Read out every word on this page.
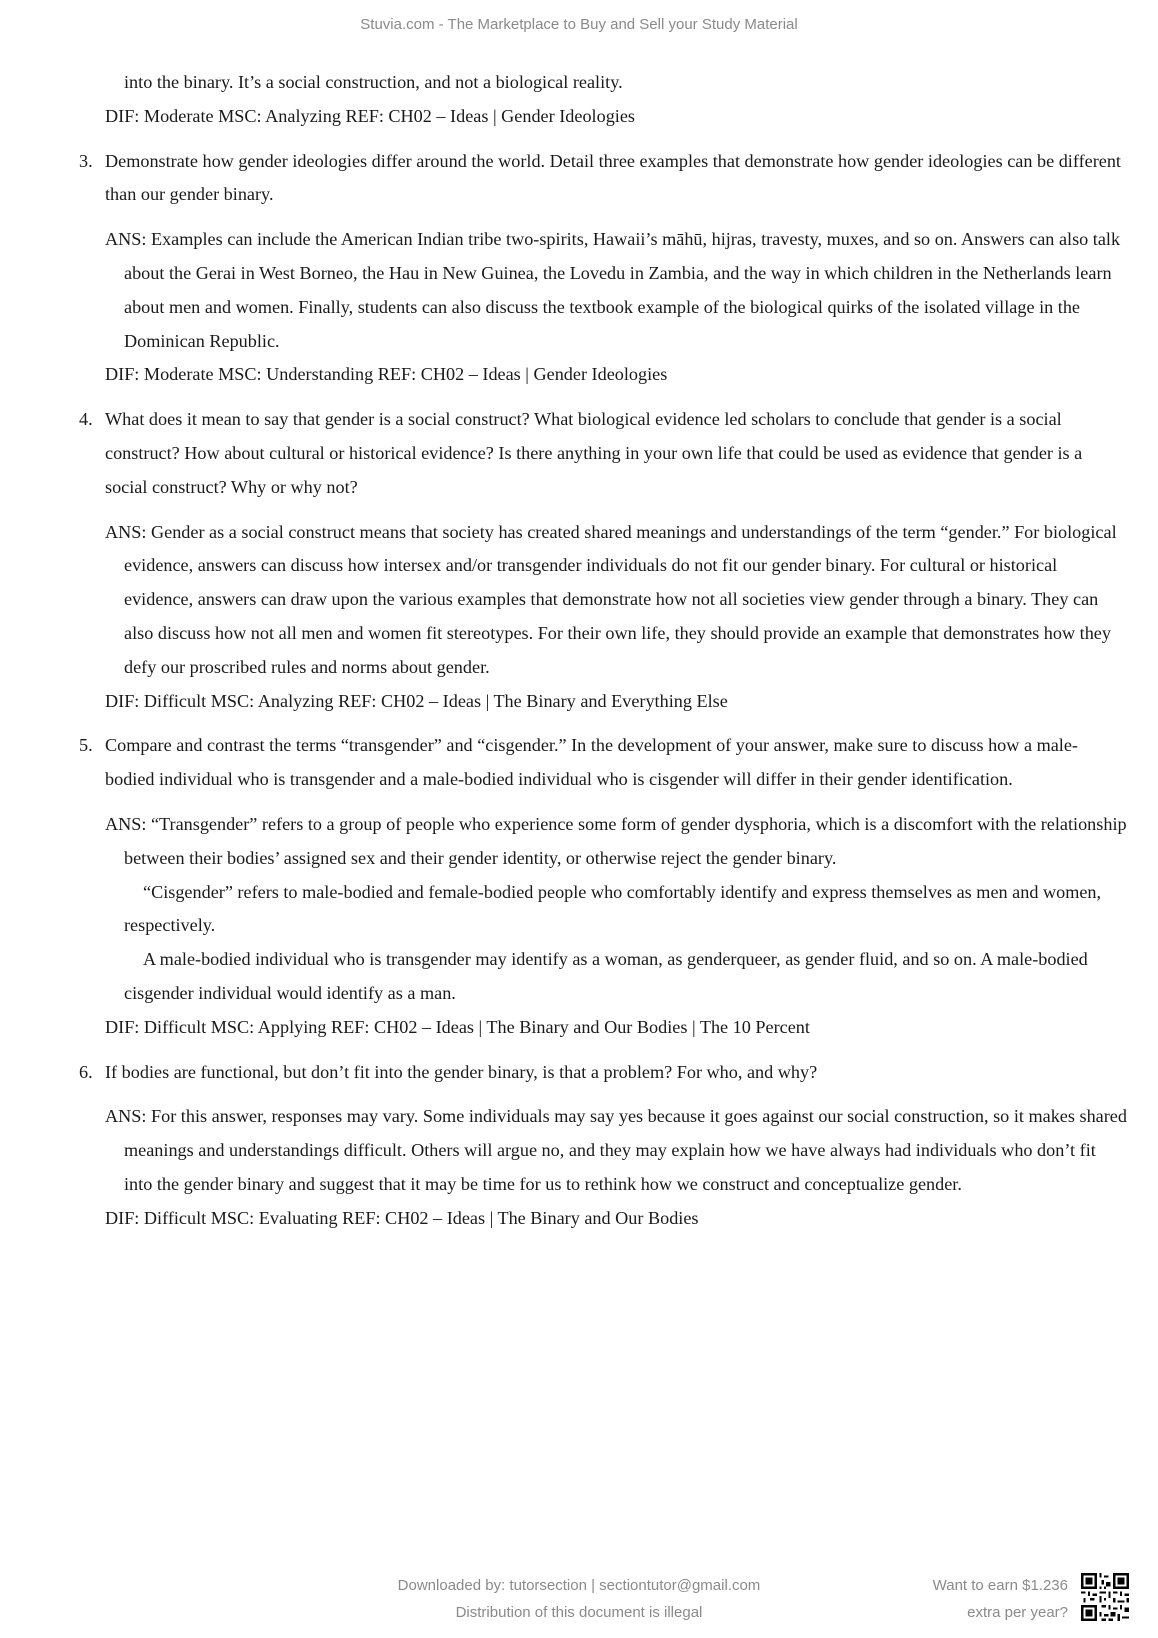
Stuvia.com - The Marketplace to Buy and Sell your Study Material
into the binary. It’s a social construction, and not a biological reality.
DIF: Moderate MSC: Analyzing REF: CH02 – Ideas | Gender Ideologies
3. Demonstrate how gender ideologies differ around the world. Detail three examples that demonstrate how gender ideologies can be different than our gender binary.

ANS: Examples can include the American Indian tribe two-spirits, Hawaii’s māhū, hijras, travesty, muxes, and so on. Answers can also talk about the Gerai in West Borneo, the Hau in New Guinea, the Lovedu in Zambia, and the way in which children in the Netherlands learn about men and women. Finally, students can also discuss the textbook example of the biological quirks of the isolated village in the Dominican Republic.

DIF: Moderate MSC: Understanding REF: CH02 – Ideas | Gender Ideologies
4. What does it mean to say that gender is a social construct? What biological evidence led scholars to conclude that gender is a social construct? How about cultural or historical evidence? Is there anything in your own life that could be used as evidence that gender is a social construct? Why or why not?

ANS: Gender as a social construct means that society has created shared meanings and understandings of the term “gender.” For biological evidence, answers can discuss how intersex and/or transgender individuals do not fit our gender binary. For cultural or historical evidence, answers can draw upon the various examples that demonstrate how not all societies view gender through a binary. They can also discuss how not all men and women fit stereotypes. For their own life, they should provide an example that demonstrates how they defy our proscribed rules and norms about gender.

DIF: Difficult MSC: Analyzing REF: CH02 – Ideas | The Binary and Everything Else
5. Compare and contrast the terms “transgender” and “cisgender.” In the development of your answer, make sure to discuss how a male-bodied individual who is transgender and a male-bodied individual who is cisgender will differ in their gender identification.

ANS: “Transgender” refers to a group of people who experience some form of gender dysphoria, which is a discomfort with the relationship between their bodies’ assigned sex and their gender identity, or otherwise reject the gender binary.

“Cisgender” refers to male-bodied and female-bodied people who comfortably identify and express themselves as men and women, respectively.

A male-bodied individual who is transgender may identify as a woman, as genderqueer, as gender fluid, and so on. A male-bodied cisgender individual would identify as a man.

DIF: Difficult MSC: Applying REF: CH02 – Ideas | The Binary and Our Bodies | The 10 Percent
6. If bodies are functional, but don’t fit into the gender binary, is that a problem? For who, and why?

ANS: For this answer, responses may vary. Some individuals may say yes because it goes against our social construction, so it makes shared meanings and understandings difficult. Others will argue no, and they may explain how we have always had individuals who don’t fit into the gender binary and suggest that it may be time for us to rethink how we construct and conceptualize gender.

DIF: Difficult MSC: Evaluating REF: CH02 – Ideas | The Binary and Our Bodies
Downloaded by: tutorsection | sectiontutor@gmail.com
Distribution of this document is illegal
Want to earn $1.236
extra per year?
